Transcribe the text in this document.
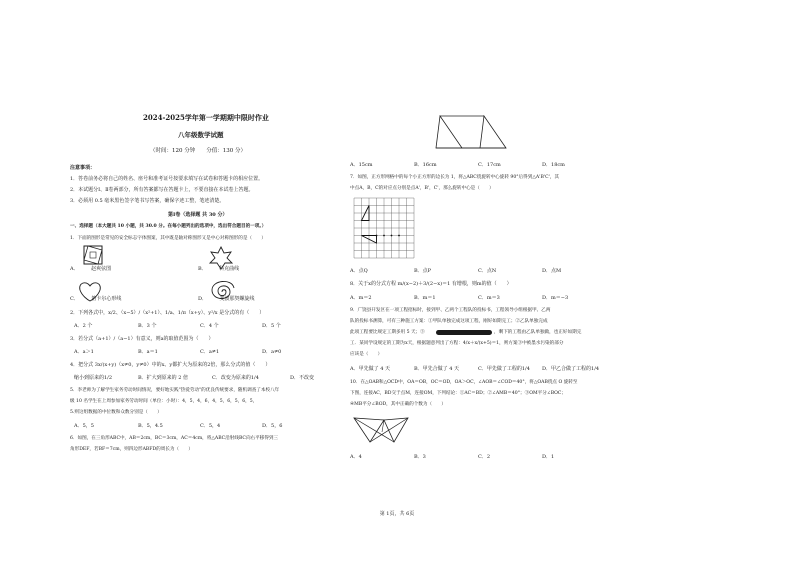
2024-2025学年第一学期期中限时作业
八年级数学试题
（时间：120 分钟　　分值：130 分）
注意事项：
1．答卷前务必将自己的姓名、座号和准考证号按要求填写在试卷和答题卡的相应位置。
2．本试题分Ⅰ、Ⅱ卷两部分，所有答案都写在答题卡上，不要直接在本试卷上答题。
3．必须用 0.5 毫米黑色签字笔书写答案，确保字迹工整，笔迹清楚。
第Ⅰ卷（选择题 共 30 分）
一、选择题（本大题共 10 小题，共 30.0 分。在每小题列出的选项中，选出符合题目的一项。）
1．下面的图形是常见的安全标志字体图案，其中既是轴对称图形又是中心对称图形的是（　　）
A．　　　赵爽弦图	B．　　　科克曲线
C．　　　笛卡尔心形线	D．　　　斐波那契螺旋线
2．下列各式中，x/2、（x−5）/（x²+1）、1/a、1/π（x+y）、y²/x 是分式的有（　　）
A．2 个	B．3 个	C．4 个	D．5 个
3．若分式（a+1）/（a−1）有意义，则a的取值范围为（　　）
A．a＞1	B．a＝1	C．a≠1	D．a≠0
4．把分式 3x/(x+y)（x≠0，y≠0）中的x、y都扩大为原来的2倍，那么分式的值（　　）
缩小到原来的1/2	B．扩大到原来的 2 倍	C．改变为原来的1/4	D．不改变
5．李老师为了解学生家务劳动时间情况，要好地实践"热爱劳动"的优良传统要求，随机调查了本校八年
级 10 名学生在上周参加家务劳动时间（单位：小时）：4，5，4，6，4，5，6，5，6，5，
5.则这组数据的中位数和众数分别是（　　）
A．5，5	B．5，4.5	C．5，4	D．5，6
6．如图，在三角形ABC中，AB＝2cm，BC＝3cm，AC＝4cm，将△ABC沿射线BC向右平移得到三
角形DEF，若BF＝7cm，则四边形ABFD的周长为（　　）
A．15cm	B．16cm	C．17cm	D．18cm
7．如图，正方形网格中的每个小正方形的边长为 1，将△ABC绕旋转中心旋转 90°后得到△A'B'C'，其
中点A，B，C的对应点分别是点A'，B'，C'，那么旋转中心是（　　）
A．点Q	B．点P	C．点N	D．点M
8．关于x的分式方程 m/(x−2)＋3/(2−x)＝1 有增根，则m的值（　　）
A．m＝2	B．m＝1	C．m＝3	D．m＝−3
9．广饶县开发区在一项工程招标时，接到甲、乙两个工程队的投标书，工程领导小组根据甲、乙两
队的投标书测算，可有三种施工方案：①甲队单独完成这项工程，刚好如期完工；②乙队单独完成
此项工程要比规定工期多用 5 天；③	，剩下的工程由乙队单独做，也正好如期完
工．某同学设规定的工期为x天，根据题意列出了方程：4/x＋x/(x+5)＝1，则方案③中被墨水污染的部分
应该是（　　）
A．甲先做了 4 天	B．甲先合做了 4 天	C．甲先做了工程的1/4 D．甲乙合做了工程的1/4
10．在△OAB和△OCD中，OA＝OB，OC＝OD，OA＞OC，∠AOB＝∠COD＝40°，将△OAB绕点 O 旋转至
下图，连接AC，BD交于点M，连接OM，下列结论：①AC＝BD；②∠AMB＝40°；③OM平分∠BOC；
④MB平分∠BOD，其中正确的个数为（　　）
A．4	B．3	C．2	D．1
第 1页，共 6页
